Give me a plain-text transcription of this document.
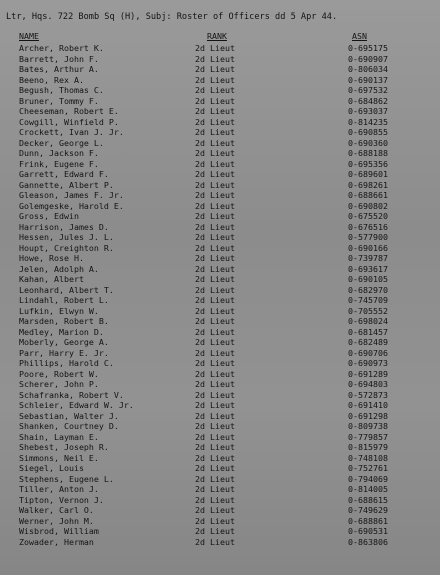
Ltr, Hqs. 722 Bomb Sq (H), Subj: Roster of Officers dd 5 Apr 44.
NAME	RANK	ASN
Archer, Robert K.	2d Lieut	0-695175
Barrett, John F.	2d Lieut	0-690907
Bates, Arthur A.	2d Lieut	0-806034
Beeno, Rex A.	2d Lieut	0-690137
Begush, Thomas C.	2d Lieut	0-697532
Bruner, Tommy F.	2d Lieut	0-684862
Cheeseman, Robert E.	2d Lieut	0-693037
Cowgill, Winfield P.	2d Lieut	0-814235
Crockett, Ivan J. Jr.	2d Lieut	0-690855
Decker, George L.	2d Lieut	0-690360
Dunn, Jackson F.	2d Lieut	0-688188
Frink, Eugene F.	2d Lieut	0-695356
Garrett, Edward F.	2d Lieut	0-689601
Gannette, Albert P.	2d Lieut	0-698261
Gleason, James F. Jr.	2d Lieut	0-688661
Golemgeske, Harold E.	2d Lieut	0-690802
Gross, Edwin	2d Lieut	0-675520
Harrison, James D.	2d Lieut	0-676516
Hessen, Jules J. L.	2d Lieut	0-577900
Houpt, Creighton R.	2d Lieut	0-690166
Howe, Rose H.	2d Lieut	0-739787
Jelen, Adolph A.	2d Lieut	0-693617
Kahan, Albert	2d Lieut	0-690105
Leonhard, Albert T.	2d Lieut	0-682970
Lindahl, Robert L.	2d Lieut	0-745709
Lufkin, Elwyn W.	2d Lieut	0-705552
Marsden, Robert B.	2d Lieut	0-698024
Medley, Marion D.	2d Lieut	0-681457
Moberly, George A.	2d Lieut	0-682489
Parr, Harry E. Jr.	2d Lieut	0-690706
Phillips, Harold C.	2d Lieut	0-690973
Poore, Robert W.	2d Lieut	0-691289
Scherer, John P.	2d Lieut	0-694803
Schafranka, Robert V.	2d Lieut	0-572873
Schleier, Edward W. Jr.	2d Lieut	0-691410
Sebastian, Walter J.	2d Lieut	0-691298
Shanken, Courtney D.	2d Lieut	0-809738
Shain, Layman E.	2d Lieut	0-779857
Shebest, Joseph R.	2d Lieut	0-815979
Simmons, Neil E.	2d Lieut	0-748108
Siegel, Louis	2d Lieut	0-752761
Stephens, Eugene L.	2d Lieut	0-794069
Tiller, Anton J.	2d Lieut	0-814005
Tipton, Vernon J.	2d Lieut	0-688615
Walker, Carl O.	2d Lieut	0-749629
Werner, John M.	2d Lieut	0-688861
Wisbrod, William	2d Lieut	0-690531
Zowader, Herman	2d Lieut	0-863806
